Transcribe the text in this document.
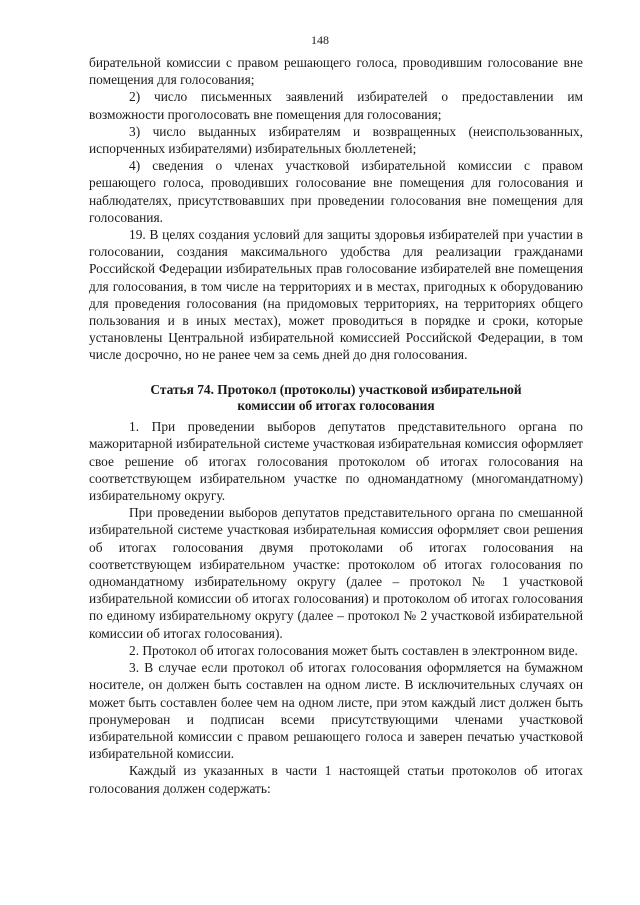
148

бирательной комиссии с правом решающего голоса, проводившим голосование вне помещения для голосования;

2) число письменных заявлений избирателей о предоставлении им возможности проголосовать вне помещения для голосования;

3) число выданных избирателям и возвращенных (неиспользованных, испорченных избирателями) избирательных бюллетеней;

4) сведения о членах участковой избирательной комиссии с правом решающего голоса, проводивших голосование вне помещения для голосования и наблюдателях, присутствовавших при проведении голосования вне помещения для голосования.

19. В целях создания условий для защиты здоровья избирателей при участии в голосовании, создания максимального удобства для реализации гражданами Российской Федерации избирательных прав голосование избирателей вне помещения для голосования, в том числе на территориях и в местах, пригодных к оборудованию для проведения голосования (на придомовых территориях, на территориях общего пользования и в иных местах), может проводиться в порядке и сроки, которые установлены Центральной избирательной комиссией Российской Федерации, в том числе досрочно, но не ранее чем за семь дней до дня голосования.

Статья 74. Протокол (протоколы) участковой избирательной
комиссии об итогах голосования

1. При проведении выборов депутатов представительного органа по мажоритарной избирательной системе участковая избирательная комиссия оформляет свое решение об итогах голосования протоколом об итогах голосования на соответствующем избирательном участке по одномандатному (многомандатному) избирательному округу.

При проведении выборов депутатов представительного органа по смешанной избирательной системе участковая избирательная комиссия оформляет свои решения об итогах голосования двумя протоколами об итогах голосования на соответствующем избирательном участке: протоколом об итогах голосования по одномандатному избирательному округу (далее – протокол № 1 участковой избирательной комиссии об итогах голосования) и протоколом об итогах голосования по единому избирательному округу (далее – протокол № 2 участковой избирательной комиссии об итогах голосования).

2. Протокол об итогах голосования может быть составлен в электронном виде.

3. В случае если протокол об итогах голосования оформляется на бумажном носителе, он должен быть составлен на одном листе. В исключительных случаях он может быть составлен более чем на одном листе, при этом каждый лист должен быть пронумерован и подписан всеми присутствующими членами участковой избирательной комиссии с правом решающего голоса и заверен печатью участковой избирательной комиссии.

Каждый из указанных в части 1 настоящей статьи протоколов об итогах голосования должен содержать:
